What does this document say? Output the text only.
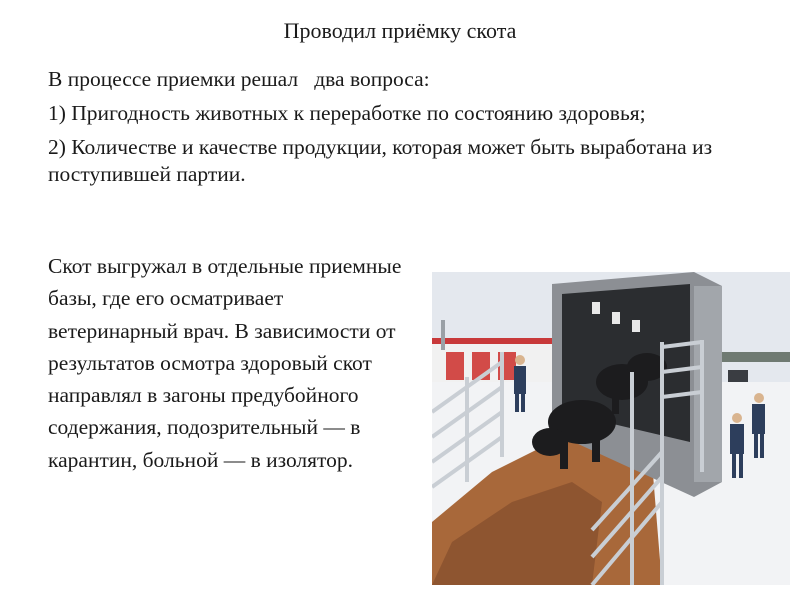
Проводил приёмку скота

В процессе приемки решал   два вопроса:

1) Пригодность животных к переработке по состоянию здоровья;

2) Количестве и качестве продукции, которая может быть выработана из поступившей партии.

Скот выгружал в отдельные приемные базы, где его осматривает ветеринарный врач. В зависимости от результатов осмотра здоровый скот направлял в загоны предубойного содержания, подозрительный — в карантин, больной — в изолятор.
